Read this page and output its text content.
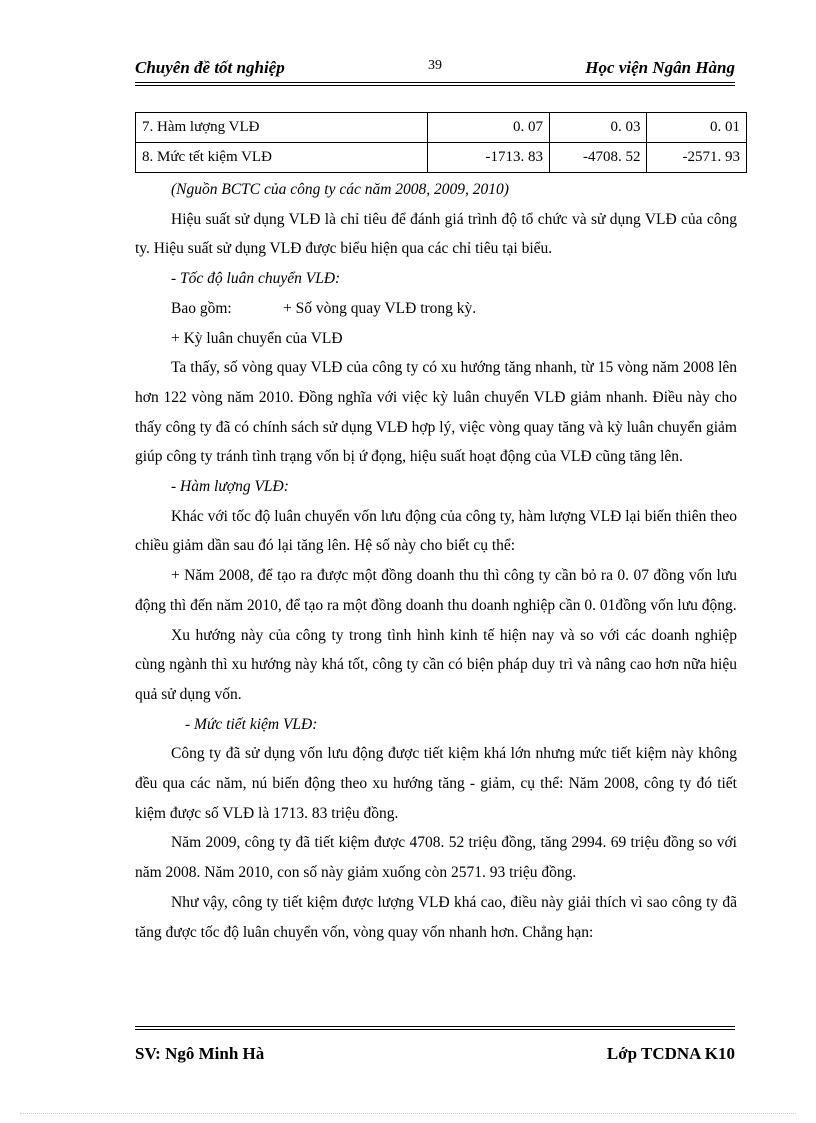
Chuyên đề tốt nghiệp	39	Học viện Ngân Hàng
7. Hàm lượng VLĐ	0. 07	0. 03	0. 01
8. Mức tết kiệm VLĐ	-1713. 83	-4708. 52	-2571. 93

(Nguồn BCTC của công ty các năm 2008, 2009, 2010)

Hiệu suất sử dụng VLĐ là chỉ tiêu để đánh giá trình độ tổ chức và sử dụng VLĐ của công ty. Hiệu suất sử dụng VLĐ được biểu hiện qua các chỉ tiêu tại biểu.

- Tốc độ luân chuyển VLĐ:

Bao gồm:	+ Số vòng quay VLĐ trong kỳ.

+ Kỳ luân chuyển của VLĐ

Ta thấy, số vòng quay VLĐ của công ty có xu hướng tăng nhanh, từ 15 vòng năm 2008 lên hơn 122 vòng năm 2010. Đồng nghĩa với việc kỳ luân chuyển VLĐ giảm nhanh. Điều này cho thấy công ty đã có chính sách sử dụng VLĐ hợp lý, việc vòng quay tăng và kỳ luân chuyển giảm giúp công ty tránh tình trạng vốn bị ứ đọng, hiệu suất hoạt động của VLĐ cũng tăng lên.

- Hàm lượng VLĐ:

Khác với tốc độ luân chuyển vốn lưu động của công ty, hàm lượng VLĐ lại biến thiên theo chiều giảm dần sau đó lại tăng lên. Hệ số này cho biết cụ thể:

+ Năm 2008, để tạo ra được một đồng doanh thu thì công ty cần bỏ ra 0. 07 đồng vốn lưu động thì đến năm 2010, để tạo ra một đồng doanh thu doanh nghiệp cần 0. 01đồng vốn lưu động.

Xu hướng này của công ty trong tình hình kinh tế hiện nay và so với các doanh nghiệp cùng ngành thì xu hướng này khá tốt, công ty cần có biện pháp duy trì và nâng cao hơn nữa hiệu quả sử dụng vốn.

- Mức tiết kiệm VLĐ:

Công ty đã sử dụng vốn lưu động được tiết kiệm khá lớn nhưng mức tiết kiệm này không đều qua các năm, nú biến động theo xu hướng tăng - giảm, cụ thể: Năm 2008, công ty đó tiết kiệm được số VLĐ là 1713. 83 triệu đồng.

Năm 2009, công ty đã tiết kiệm được 4708. 52 triệu đồng, tăng 2994. 69 triệu đồng so với năm 2008. Năm 2010, con số này giảm xuống còn 2571. 93 triệu đồng.

Như vậy, công ty tiết kiệm được lượng VLĐ khá cao, điều này giải thích vì sao công ty đã tăng được tốc độ luân chuyển vốn, vòng quay vốn nhanh hơn. Chẳng hạn:

SV: Ngô Minh Hà	Lớp TCDNA K10
